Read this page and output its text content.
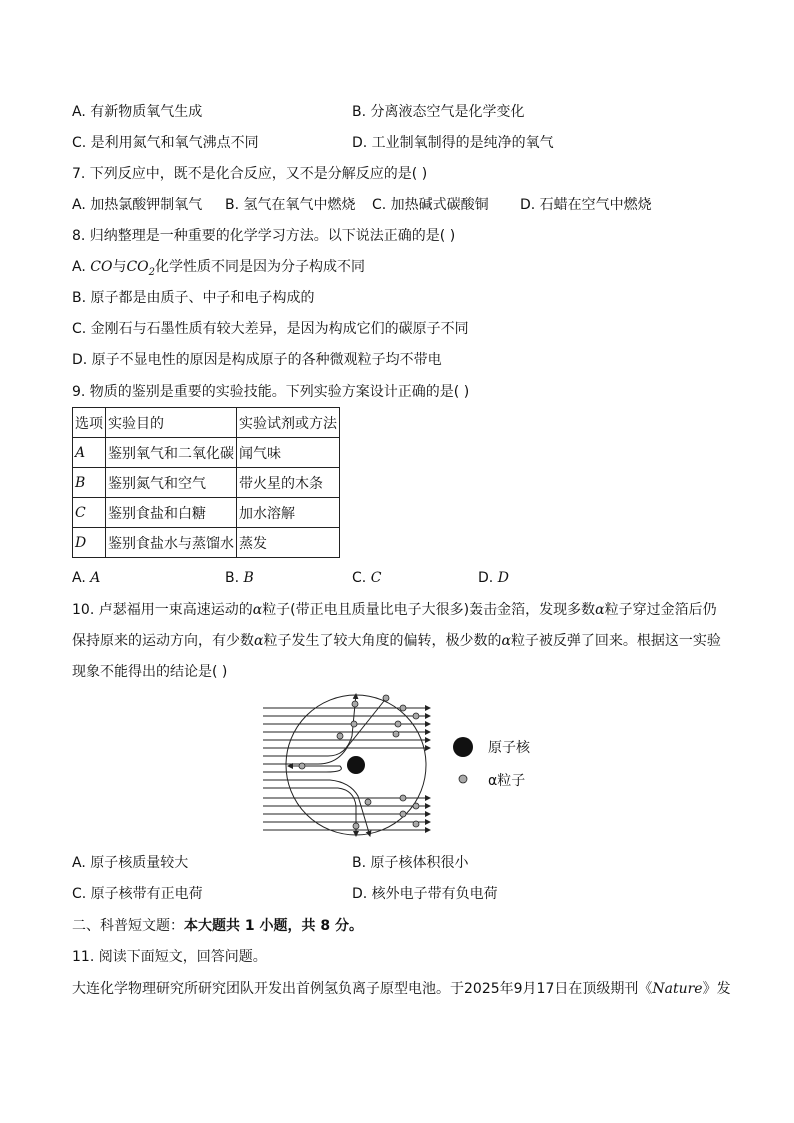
A. 有新物质氧气生成	B. 分离液态空气是化学变化
C. 是利用氮气和氧气沸点不同	D. 工业制氧制得的是纯净的氧气
7. 下列反应中，既不是化合反应，又不是分解反应的是( )
A. 加热氯酸钾制氧气 B. 氢气在氧气中燃烧 C. 加热碱式碳酸铜 D. 石蜡在空气中燃烧
8. 归纳整理是一种重要的化学学习方法。以下说法正确的是( )
A. CO与$CO_2$化学性质不同是因为分子构成不同
B. 原子都是由质子、中子和电子构成的
C. 金刚石与石墨性质有较大差异，是因为构成它们的碳原子不同
D. 原子不显电性的原因是构成原子的各种微观粒子均不带电
9. 物质的鉴别是重要的实验技能。下列实验方案设计正确的是( )
选项	实验目的	实验试剂或方法
A	鉴别氧气和二氧化碳	闻气味
B	鉴别氮气和空气	带火星的木条
C	鉴别食盐和白糖	加水溶解
D	鉴别食盐水与蒸馏水	蒸发
A. A	B. B	C. C	D. D
10. 卢瑟福用一束高速运动的α粒子(带正电且质量比电子大很多)轰击金箔，发现多数α粒子穿过金箔后仍
保持原来的运动方向，有少数α粒子发生了较大角度的偏转，极少数的α粒子被反弹了回来。根据这一实验
现象不能得出的结论是( )
原子核
α粒子
A. 原子核质量较大	B. 原子核体积很小
C. 原子核带有正电荷	D. 核外电子带有负电荷
二、科普短文题：本大题共 1 小题，共 8 分。
11. 阅读下面短文，回答问题。
大连化学物理研究所研究团队开发出首例氢负离子原型电池。于2025年9月17日在顶级期刊《Nature》发
